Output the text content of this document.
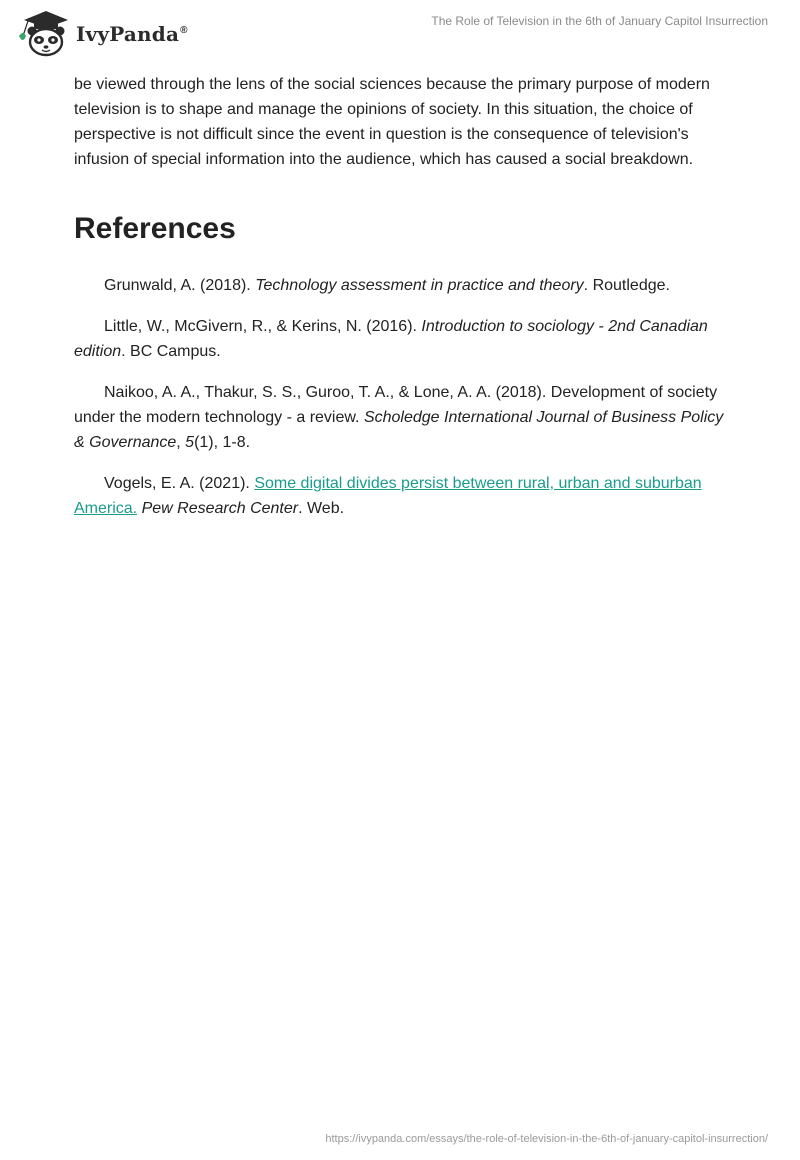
IvyPanda®
The Role of Television in the 6th of January Capitol Insurrection

be viewed through the lens of the social sciences because the primary purpose of modern television is to shape and manage the opinions of society. In this situation, the choice of perspective is not difficult since the event in question is the consequence of television's infusion of special information into the audience, which has caused a social breakdown.

References

Grunwald, A. (2018). Technology assessment in practice and theory. Routledge.

Little, W., McGivern, R., & Kerins, N. (2016). Introduction to sociology - 2nd Canadian edition. BC Campus.

Naikoo, A. A., Thakur, S. S., Guroo, T. A., & Lone, A. A. (2018). Development of society under the modern technology - a review. Scholedge International Journal of Business Policy & Governance, 5(1), 1-8.

Vogels, E. A. (2021). Some digital divides persist between rural, urban and suburban America. Pew Research Center. Web.

https://ivypanda.com/essays/the-role-of-television-in-the-6th-of-january-capitol-insurrection/
